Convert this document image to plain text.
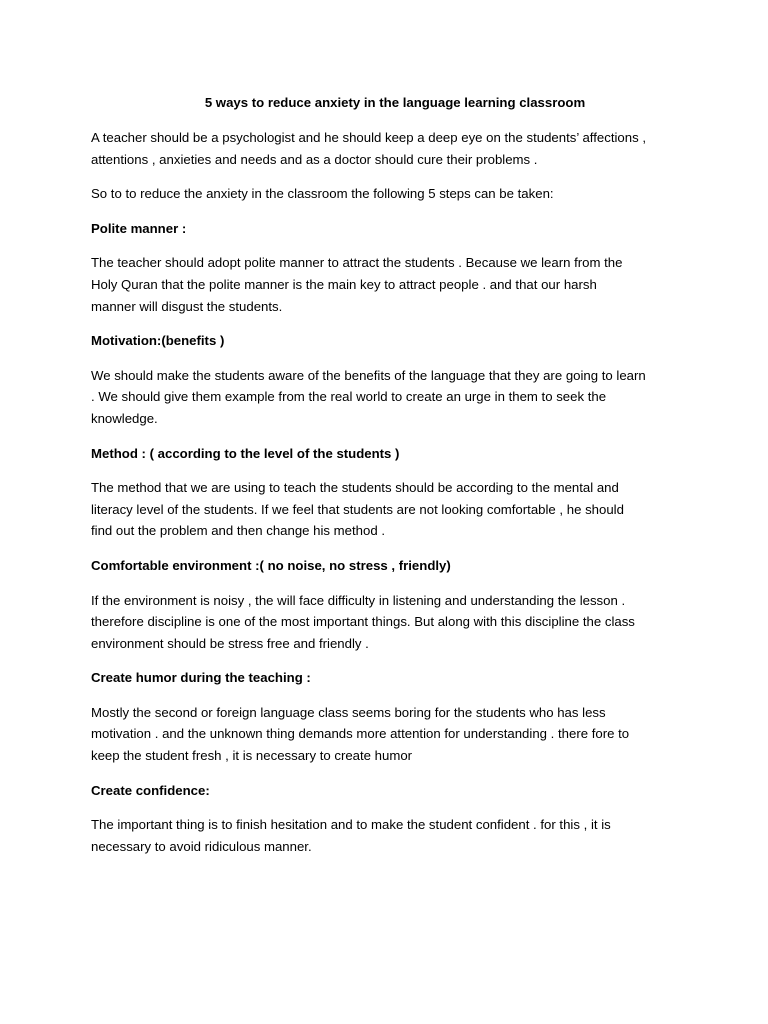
5 ways to reduce anxiety in the language learning classroom
A teacher should be a psychologist and he should keep a deep eye on the students’ affections ,
attentions , anxieties and needs and as a doctor should cure their problems .
So to to reduce the anxiety in the classroom the following 5 steps can be taken:
Polite manner :
The teacher should adopt polite manner to attract the students . Because we learn from the
Holy Quran that the polite manner is the main key to attract people . and that our harsh
manner will disgust the students.
Motivation:(benefits )
We should make the students aware of the benefits of the language that they are going to learn
. We should give them example from the real world to create an urge in them to seek the
knowledge.
Method : ( according to the level of the students )
The method that we are using to teach the students should be according to the mental and
literacy level of the students. If we feel that students are not looking comfortable , he should
find out the problem and then change his method .
Comfortable environment :( no noise, no stress , friendly)
If the environment is noisy , the will face difficulty in listening and understanding the lesson .
therefore discipline is one of the most important things. But along with this discipline the class
environment should be stress free and friendly .
Create humor during the teaching :
Mostly the second or foreign language class seems boring for the students who has less
motivation . and the unknown thing demands more attention for understanding . there fore to
keep the student fresh , it is necessary to create humor
Create confidence:
The important thing is to finish hesitation and to make the student confident . for this , it is
necessary to avoid ridiculous manner.
